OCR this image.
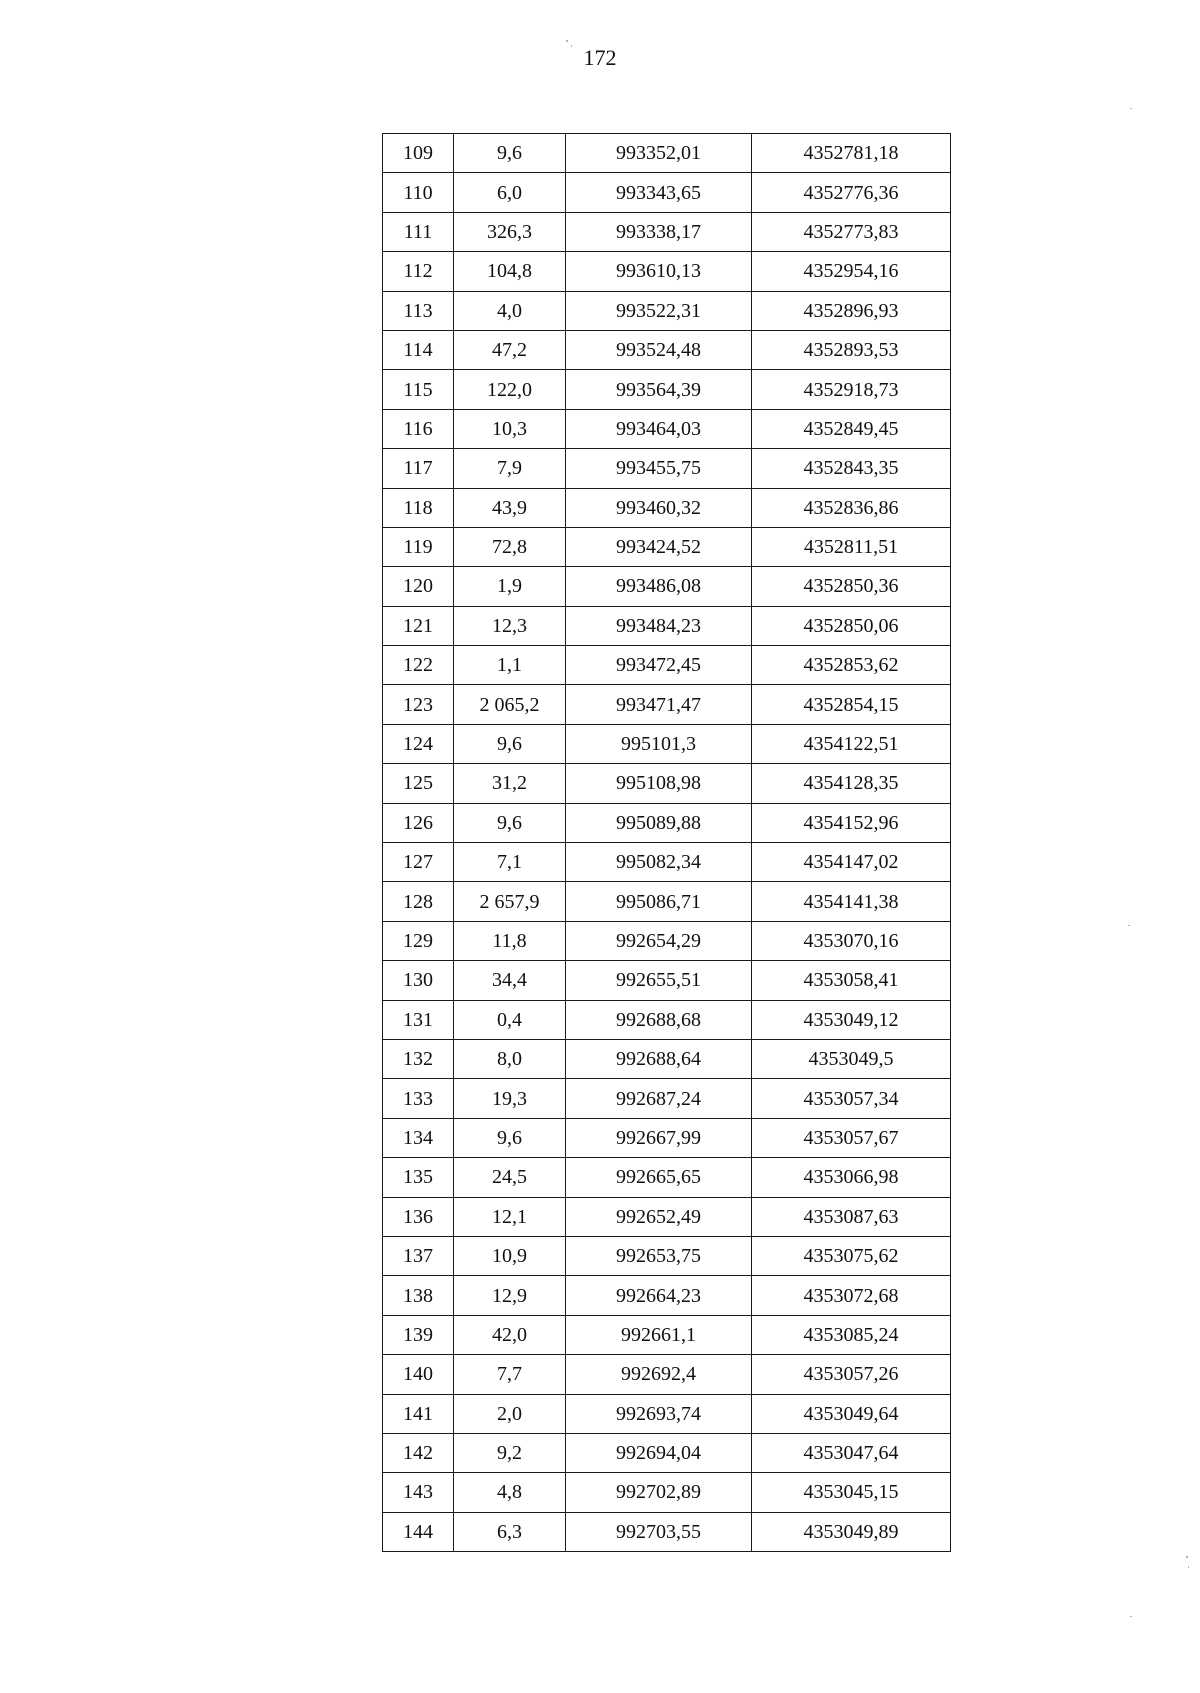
172
109	9,6	993352,01	4352781,18
110	6,0	993343,65	4352776,36
111	326,3	993338,17	4352773,83
112	104,8	993610,13	4352954,16
113	4,0	993522,31	4352896,93
114	47,2	993524,48	4352893,53
115	122,0	993564,39	4352918,73
116	10,3	993464,03	4352849,45
117	7,9	993455,75	4352843,35
118	43,9	993460,32	4352836,86
119	72,8	993424,52	4352811,51
120	1,9	993486,08	4352850,36
121	12,3	993484,23	4352850,06
122	1,1	993472,45	4352853,62
123	2 065,2	993471,47	4352854,15
124	9,6	995101,3	4354122,51
125	31,2	995108,98	4354128,35
126	9,6	995089,88	4354152,96
127	7,1	995082,34	4354147,02
128	2 657,9	995086,71	4354141,38
129	11,8	992654,29	4353070,16
130	34,4	992655,51	4353058,41
131	0,4	992688,68	4353049,12
132	8,0	992688,64	4353049,5
133	19,3	992687,24	4353057,34
134	9,6	992667,99	4353057,67
135	24,5	992665,65	4353066,98
136	12,1	992652,49	4353087,63
137	10,9	992653,75	4353075,62
138	12,9	992664,23	4353072,68
139	42,0	992661,1	4353085,24
140	7,7	992692,4	4353057,26
141	2,0	992693,74	4353049,64
142	9,2	992694,04	4353047,64
143	4,8	992702,89	4353045,15
144	6,3	992703,55	4353049,89
